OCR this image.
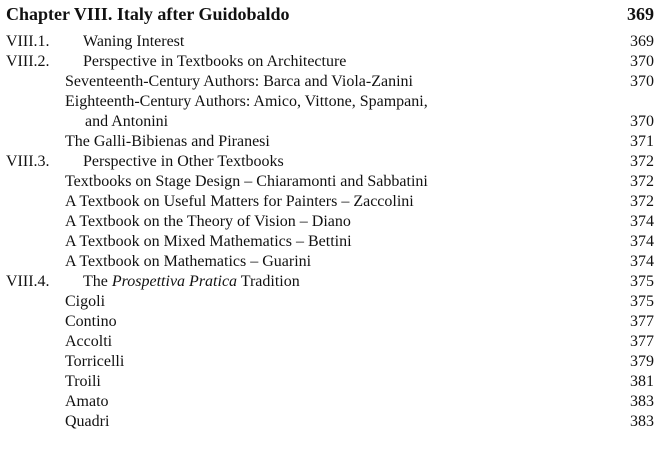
Chapter VIII. Italy after Guidobaldo	369
VIII.1. Waning Interest	369
VIII.2. Perspective in Textbooks on Architecture	370
Seventeenth-Century Authors: Barca and Viola-Zanini	370
Eighteenth-Century Authors: Amico, Vittone, Spampani,
and Antonini	370
The Galli-Bibienas and Piranesi	371
VIII.3. Perspective in Other Textbooks	372
Textbooks on Stage Design – Chiaramonti and Sabbatini	372
A Textbook on Useful Matters for Painters – Zaccolini	372
A Textbook on the Theory of Vision – Diano	374
A Textbook on Mixed Mathematics – Bettini	374
A Textbook on Mathematics – Guarini	374
VIII.4. The Prospettiva Pratica Tradition	375
Cigoli	375
Contino	377
Accolti	377
Torricelli	379
Troili	381
Amato	383
Quadri	383
